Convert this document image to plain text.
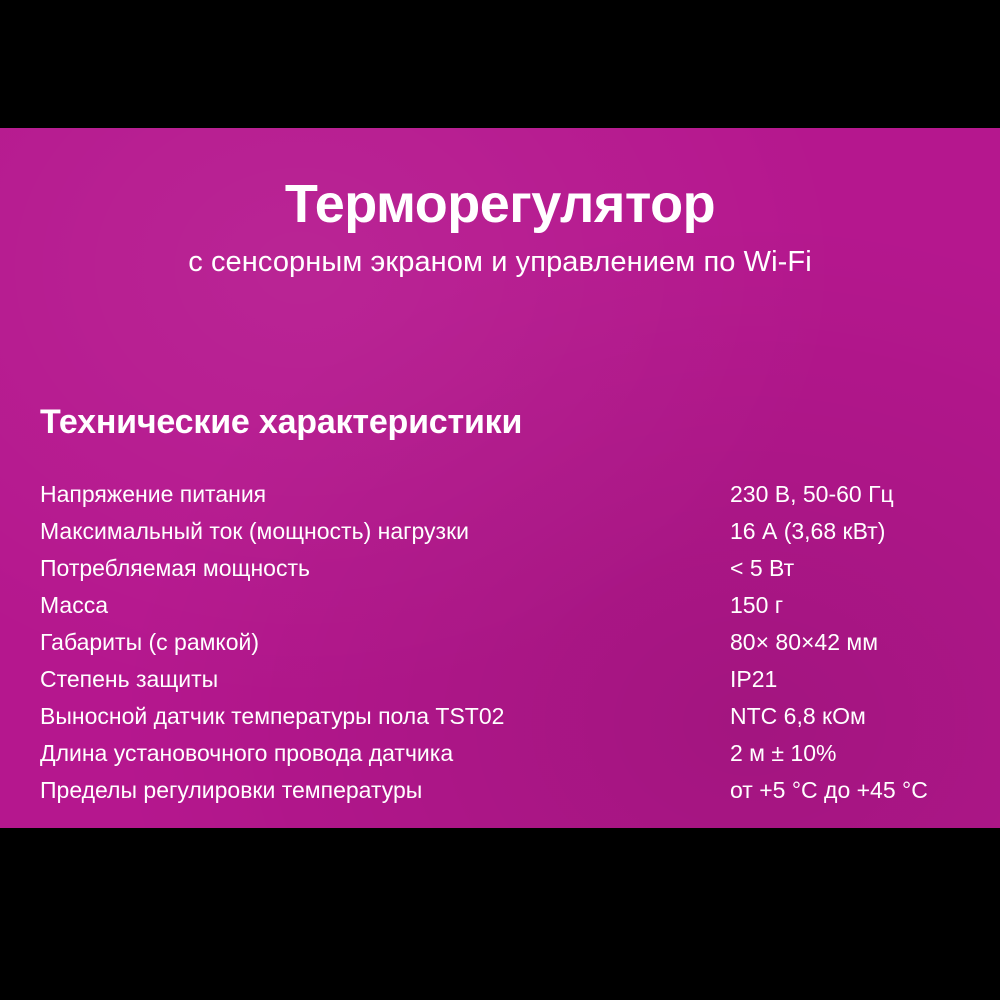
Терморегулятор
с сенсорным экраном и управлением по Wi-Fi
Технические характеристики
Напряжение питания	230 В, 50-60 Гц
Максимальный ток (мощность) нагрузки	16 А (3,68 кВт)
Потребляемая мощность	< 5 Вт
Масса	150 г
Габариты (с рамкой)	80× 80×42 мм
Степень защиты	IP21
Выносной датчик температуры пола TST02	NTC 6,8 кОм
Длина установочного провода датчика	2 м ± 10%
Пределы регулировки температуры	от +5 °C до +45 °C
